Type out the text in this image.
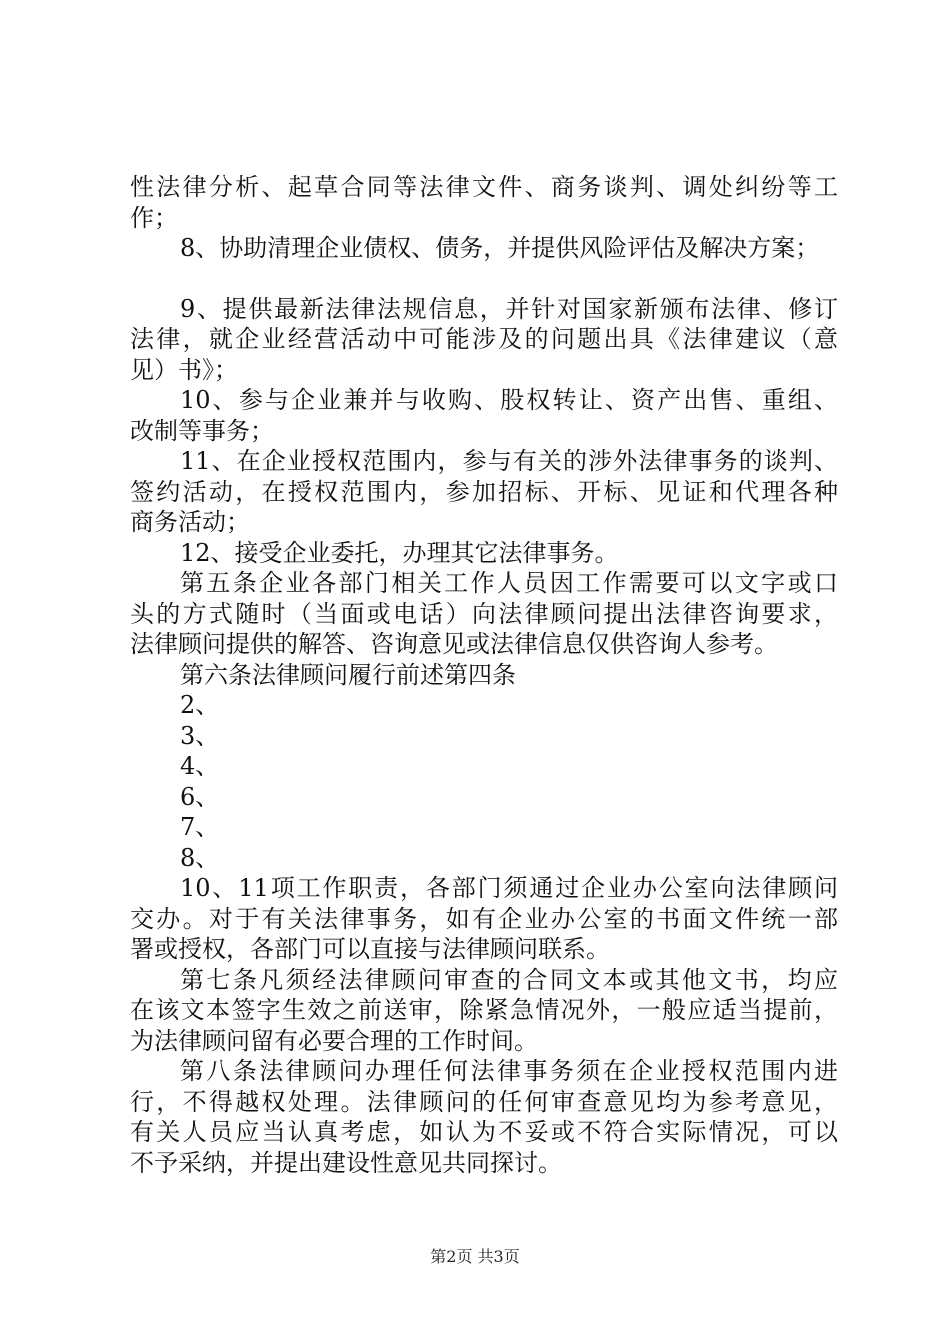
性法律分析、起草合同等法律文件、商务谈判、调处纠纷等工
作；
8、协助清理企业债权、债务，并提供风险评估及解决方案；
9、提供最新法律法规信息，并针对国家新颁布法律、修订
法律，就企业经营活动中可能涉及的问题出具《法律建议（意
见）书》；
10、参与企业兼并与收购、股权转让、资产出售、重组、
改制等事务；
11、在企业授权范围内，参与有关的涉外法律事务的谈判、
签约活动，在授权范围内，参加招标、开标、见证和代理各种
商务活动；
12、接受企业委托，办理其它法律事务。
第五条企业各部门相关工作人员因工作需要可以文字或口
头的方式随时（当面或电话）向法律顾问提出法律咨询要求，
法律顾问提供的解答、咨询意见或法律信息仅供咨询人参考。
第六条法律顾问履行前述第四条
2、
3、
4、
6、
7、
8、
10、11项工作职责，各部门须通过企业办公室向法律顾问
交办。对于有关法律事务，如有企业办公室的书面文件统一部
署或授权，各部门可以直接与法律顾问联系。
第七条凡须经法律顾问审查的合同文本或其他文书，均应
在该文本签字生效之前送审，除紧急情况外，一般应适当提前，
为法律顾问留有必要合理的工作时间。
第八条法律顾问办理任何法律事务须在企业授权范围内进
行，不得越权处理。法律顾问的任何审查意见均为参考意见，
有关人员应当认真考虑，如认为不妥或不符合实际情况，可以
不予采纳，并提出建设性意见共同探讨。
第2页 共3页
